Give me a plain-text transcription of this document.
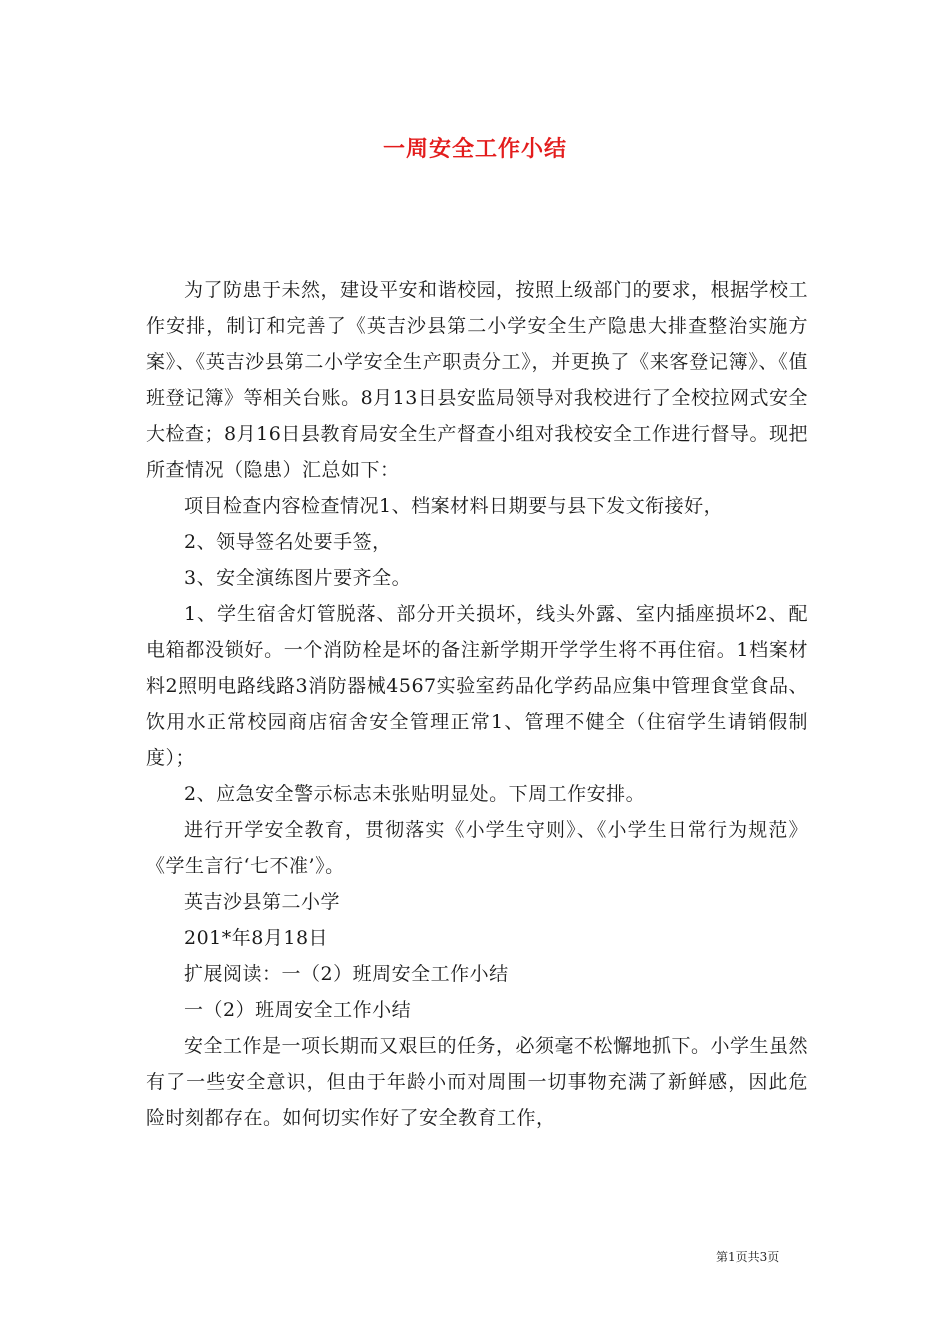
一周安全工作小结

为了防患于未然，建设平安和谐校园，按照上级部门的要求，根据学校工作安排，制订和完善了《英吉沙县第二小学安全生产隐患大排查整治实施方案》、《英吉沙县第二小学安全生产职责分工》，并更换了《来客登记簿》、《值班登记簿》等相关台账。8月13日县安监局领导对我校进行了全校拉网式安全大检查；8月16日县教育局安全生产督查小组对我校安全工作进行督导。现把所查情况（隐患）汇总如下：

项目检查内容检查情况1、档案材料日期要与县下发文衔接好，

2、领导签名处要手签，

3、安全演练图片要齐全。

1、学生宿舍灯管脱落、部分开关损坏，线头外露、室内插座损坏2、配电箱都没锁好。一个消防栓是坏的备注新学期开学学生将不再住宿。1档案材料2照明电路线路3消防器械4567实验室药品化学药品应集中管理食堂食品、饮用水正常校园商店宿舍安全管理正常1、管理不健全（住宿学生请销假制度）；

2、应急安全警示标志未张贴明显处。下周工作安排。

进行开学安全教育，贯彻落实《小学生守则》、《小学生日常行为规范》《学生言行‘七不准’》。

英吉沙县第二小学

201*年8月18日

扩展阅读：一（2）班周安全工作小结

一（2）班周安全工作小结

安全工作是一项长期而又艰巨的任务，必须毫不松懈地抓下。小学生虽然有了一些安全意识，但由于年龄小而对周围一切事物充满了新鲜感，因此危险时刻都存在。如何切实作好了安全教育工作，

第1页共3页
